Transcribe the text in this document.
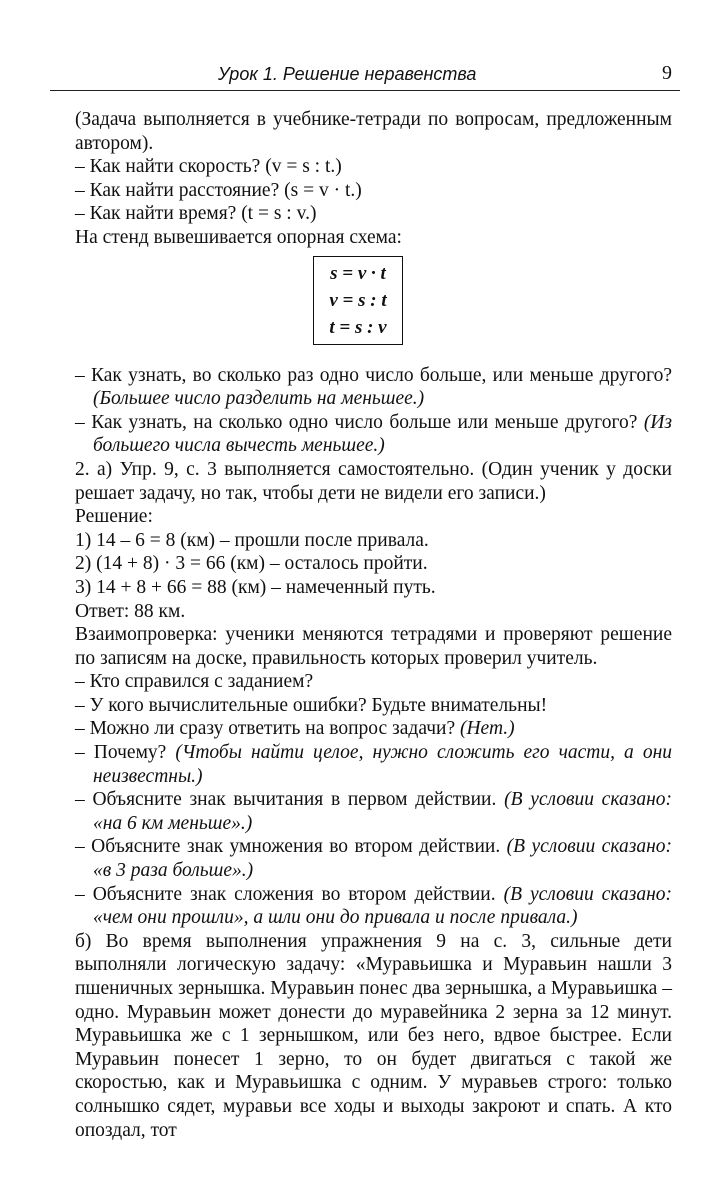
Урок 1. Решение неравенства	9

(Задача выполняется в учебнике-тетради по вопросам, предложенным автором).

– Как найти скорость? (v = s : t.)

– Как найти расстояние? (s = v · t.)

– Как найти время? (t = s : v.)

На стенд вывешивается опорная схема:

s = v · t
v = s : t
t = s : v

– Как узнать, во сколько раз одно число больше, или меньше другого? (Большее число разделить на меньшее.)

– Как узнать, на сколько одно число больше или меньше другого? (Из большего числа вычесть меньшее.)

2. а) Упр. 9, с. 3 выполняется самостоятельно. (Один ученик у доски решает задачу, но так, чтобы дети не видели его записи.)

Решение:

1) 14 – 6 = 8 (км) – прошли после привала.

2) (14 + 8) · 3 = 66 (км) – осталось пройти.

3) 14 + 8 + 66 = 88 (км) – намеченный путь.

Ответ: 88 км.

Взаимопроверка: ученики меняются тетрадями и проверяют решение по записям на доске, правильность которых проверил учитель.

– Кто справился с заданием?

– У кого вычислительные ошибки? Будьте внимательны!

– Можно ли сразу ответить на вопрос задачи? (Нет.)

– Почему? (Чтобы найти целое, нужно сложить его части, а они неизвестны.)

– Объясните знак вычитания в первом действии. (В условии сказано: «на 6 км меньше».)

– Объясните знак умножения во втором действии. (В условии сказано: «в 3 раза больше».)

– Объясните знак сложения во втором действии. (В условии сказано: «чем они прошли», а шли они до привала и после привала.)

б) Во время выполнения упражнения 9 на с. 3, сильные дети выполняли логическую задачу: «Муравьишка и Муравьин нашли 3 пшеничных зернышка. Муравьин понес два зернышка, а Муравьишка – одно. Муравьин может донести до муравейника 2 зерна за 12 минут. Муравьишка же с 1 зернышком, или без него, вдвое быстрее. Если Муравьин понесет 1 зерно, то он будет двигаться с такой же скоростью, как и Муравьишка с одним. У муравьев строго: только солнышко сядет, муравьи все ходы и выходы закроют и спать. А кто опоздал, тот
